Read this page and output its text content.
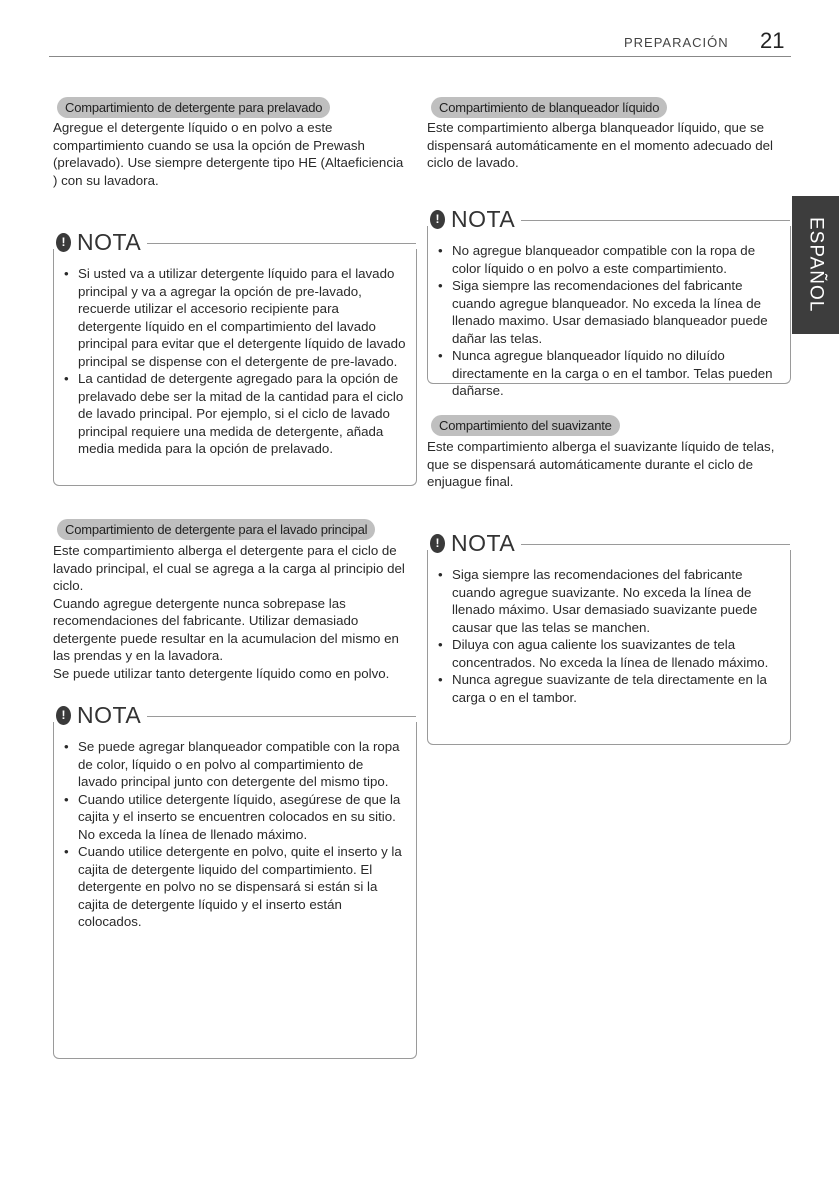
PREPARACIÓN 21
ESPAÑOL
Compartimiento de detergente para prelavado
Agregue el detergente líquido o en polvo a este compartimiento cuando se usa la opción de Prewash (prelavado). Use siempre detergente tipo HE (Altaeficiencia ) con su lavadora.
! NOTA
• Si usted va a utilizar detergente líquido para el lavado principal y va a agregar la opción de pre-lavado, recuerde utilizar el accesorio recipiente para detergente líquido en el compartimiento del lavado principal para evitar que el detergente líquido de lavado principal se dispense con el detergente de pre-lavado.
• La cantidad de detergente agregado para la opción de prelavado debe ser la mitad de la cantidad para el ciclo de lavado principal. Por ejemplo, si el ciclo de lavado principal requiere una medida de detergente, añada media medida para la opción de prelavado.
Compartimiento de detergente para el lavado principal

Este compartimiento alberga el detergente para el ciclo de lavado principal, el cual se agrega a la carga al principio del ciclo.

Cuando agregue detergente nunca sobrepase las recomendaciones del fabricante. Utilizar demasiado detergente puede resultar en la acumulacion del mismo en las prendas y en la lavadora.

Se puede utilizar tanto detergente líquido como en polvo.

! NOTA
• Se puede agregar blanqueador compatible con la ropa de color, líquido o en polvo al compartimiento de lavado principal junto con detergente del mismo tipo.
• Cuando utilice detergente líquido, asegúrese de que la cajita y el inserto se encuentren colocados en su sitio. No exceda la línea de llenado máximo.
• Cuando utilice detergente en polvo, quite el inserto y la cajita de detergente liquido del compartimiento. El detergente en polvo no se dispensará si están si la cajita de detergente líquido y el inserto están colocados.
Compartimiento de blanqueador líquido
Este compartimiento alberga blanqueador líquido, que se dispensará automáticamente en el momento adecuado del ciclo de lavado.
! NOTA
• No agregue blanqueador compatible con la ropa de color líquido o en polvo a este compartimiento.
• Siga siempre las recomendaciones del fabricante cuando agregue blanqueador. No exceda la línea de llenado maximo. Usar demasiado blanqueador puede dañar las telas.
• Nunca agregue blanqueador líquido no diluído directamente en la carga o en el tambor. Telas pueden dañarse.
Compartimiento del suavizante
Este compartimiento alberga el suavizante líquido de telas, que se dispensará automáticamente durante el ciclo de enjuague final.
! NOTA
• Siga siempre las recomendaciones del fabricante cuando agregue suavizante. No exceda la línea de llenado máximo. Usar demasiado suavizante puede causar que las telas se manchen.
• Diluya con agua caliente los suavizantes de tela concentrados. No exceda la línea de llenado máximo.
• Nunca agregue suavizante de tela directamente en la carga o en el tambor.
